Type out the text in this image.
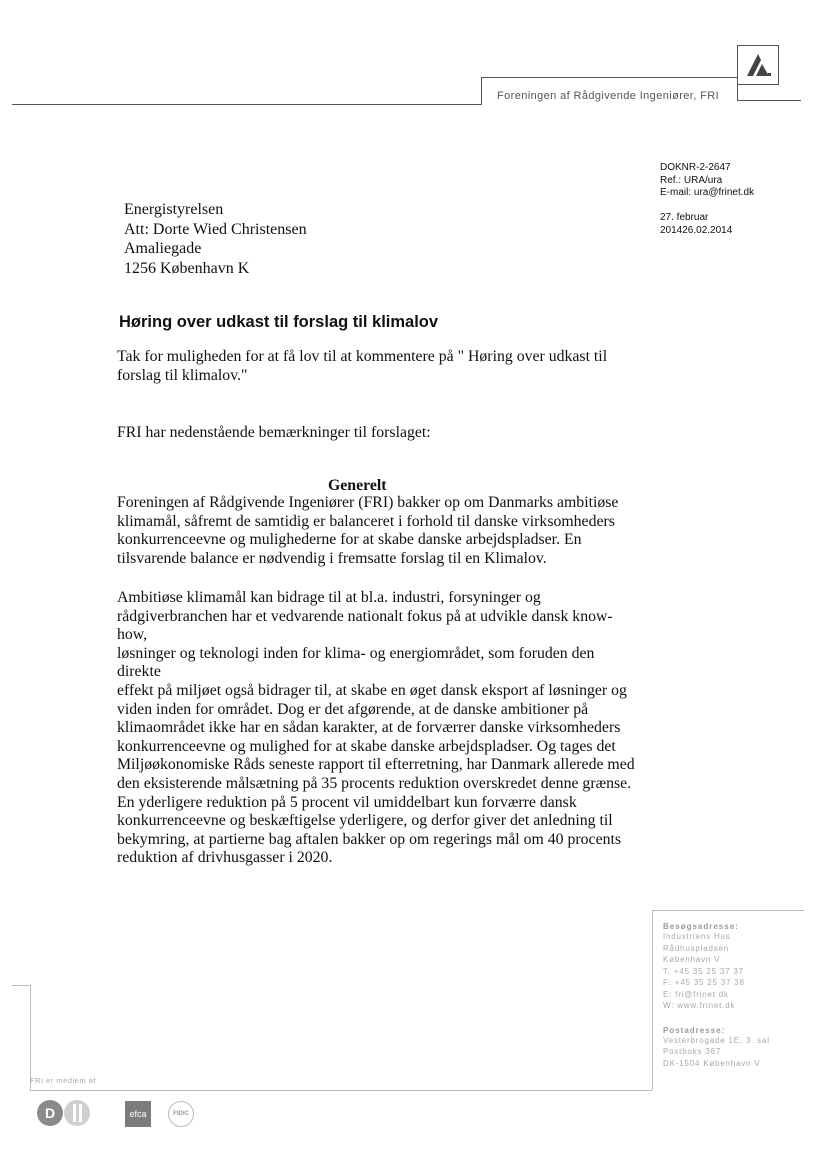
Foreningen af Rådgivende Ingeniører, FRI
DOKNR-2-2647
Ref.: URA/ura
E-mail: ura@frinet.dk
27. februar
201426.02.2014
Energistyrelsen
Att: Dorte Wied Christensen
Amaliegade
1256 København K
Høring over udkast til forslag til klimalov
Tak for muligheden for at få lov til at kommentere på " Høring over udkast til
forslag til klimalov."
FRI har nedenstående bemærkninger til forslaget:
Generelt
Foreningen af Rådgivende Ingeniører (FRI) bakker op om Danmarks ambitiøse
klimamål, såfremt de samtidig er balanceret i forhold til danske virksomheders
konkurrenceevne og mulighederne for at skabe danske arbejdspladser. En
tilsvarende balance er nødvendig i fremsatte forslag til en Klimalov.
Ambitiøse klimamål kan bidrage til at bl.a. industri, forsyninger og
rådgiverbranchen har et vedvarende nationalt fokus på at udvikle dansk know-how,
løsninger og teknologi inden for klima- og energiområdet, som foruden den direkte
effekt på miljøet også bidrager til, at skabe en øget dansk eksport af løsninger og
viden inden for området. Dog er det afgørende, at de danske ambitioner på
klimaområdet ikke har en sådan karakter, at de forværrer danske virksomheders
konkurrenceevne og mulighed for at skabe danske arbejdspladser. Og tages det
Miljøøkonomiske Råds seneste rapport til efterretning, har Danmark allerede med
den eksisterende målsætning på 35 procents reduktion overskredet denne grænse.
En yderligere reduktion på 5 procent vil umiddelbart kun forværre dansk
konkurrenceevne og beskæftigelse yderligere, og derfor giver det anledning til
bekymring, at partierne bag aftalen bakker op om regerings mål om 40 procents
reduktion af drivhusgasser i 2020.
Besøgsadresse:
Industriens Hus
Rådhuspladsen
København V
T: +45 35 25 37 37
F: +45 35 25 37 38
E: fri@frinet.dk
W: www.frinet.dk
Postadresse:
Vesterbrogade 1E, 3. sal
Postboks 367
DK-1504 København V
FRI er medlem af
D	efca	FIDIC
